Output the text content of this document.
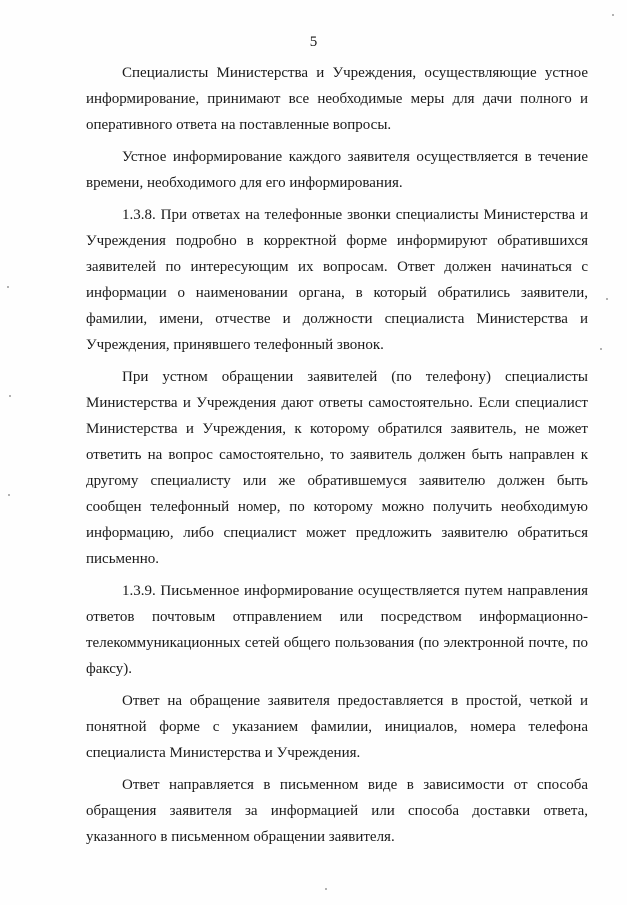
5

Специалисты Министерства и Учреждения, осуществляющие устное информирование, принимают все необходимые меры для дачи полного и оперативного ответа на поставленные вопросы.

Устное информирование каждого заявителя осуществляется в течение времени, необходимого для его информирования.

1.3.8. При ответах на телефонные звонки специалисты Министерства и Учреждения подробно в корректной форме информируют обратившихся заявителей по интересующим их вопросам. Ответ должен начинаться с информации о наименовании органа, в который обратились заявители, фамилии, имени, отчестве и должности специалиста Министерства и Учреждения, принявшего телефонный звонок.

При устном обращении заявителей (по телефону) специалисты Министерства и Учреждения дают ответы самостоятельно. Если специалист Министерства и Учреждения, к которому обратился заявитель, не может ответить на вопрос самостоятельно, то заявитель должен быть направлен к другому специалисту или же обратившемуся заявителю должен быть сообщен телефонный номер, по которому можно получить необходимую информацию, либо специалист может предложить заявителю обратиться письменно.

1.3.9. Письменное информирование осуществляется путем направления ответов почтовым отправлением или посредством информационно-телекоммуникационных сетей общего пользования (по электронной почте, по факсу).

Ответ на обращение заявителя предоставляется в простой, четкой и понятной форме с указанием фамилии, инициалов, номера телефона специалиста Министерства и Учреждения.

Ответ направляется в письменном виде в зависимости от способа обращения заявителя за информацией или способа доставки ответа, указанного в письменном обращении заявителя.
